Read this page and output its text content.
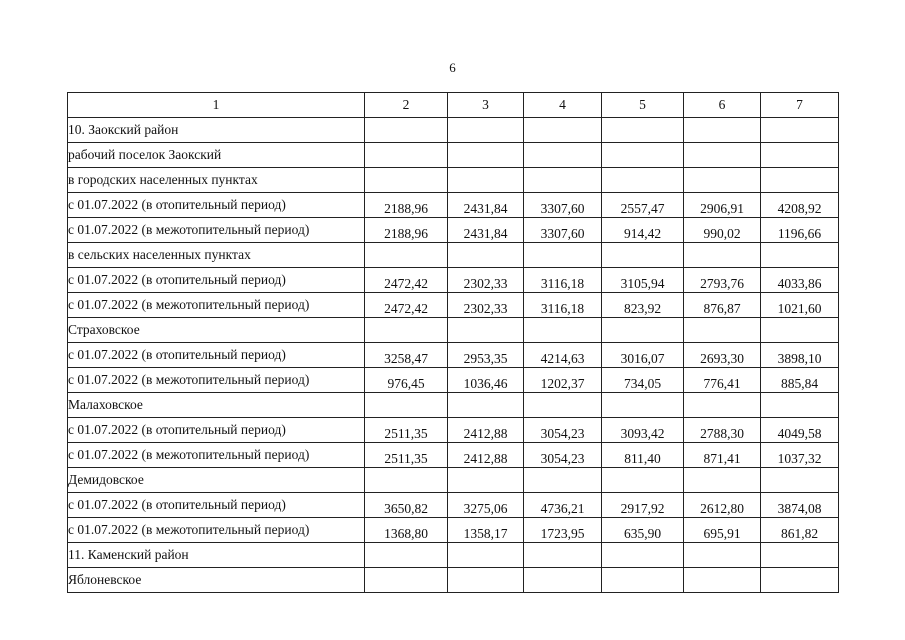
6
1	2	3	4	5	6	7
10. Заокский район						
рабочий поселок Заокский						
в городских населенных пунктах						
с 01.07.2022 (в отопительный период)	2188,96	2431,84	3307,60	2557,47	2906,91	4208,92
с 01.07.2022 (в межотопительный период)	2188,96	2431,84	3307,60	914,42	990,02	1196,66
в сельских населенных пунктах						
с 01.07.2022 (в отопительный период)	2472,42	2302,33	3116,18	3105,94	2793,76	4033,86
с 01.07.2022 (в межотопительный период)	2472,42	2302,33	3116,18	823,92	876,87	1021,60
Страховское						
с 01.07.2022 (в отопительный период)	3258,47	2953,35	4214,63	3016,07	2693,30	3898,10
с 01.07.2022 (в межотопительный период)	976,45	1036,46	1202,37	734,05	776,41	885,84
Малаховское						
с 01.07.2022 (в отопительный период)	2511,35	2412,88	3054,23	3093,42	2788,30	4049,58
с 01.07.2022 (в межотопительный период)	2511,35	2412,88	3054,23	811,40	871,41	1037,32
Демидовское						
с 01.07.2022 (в отопительный период)	3650,82	3275,06	4736,21	2917,92	2612,80	3874,08
с 01.07.2022 (в межотопительный период)	1368,80	1358,17	1723,95	635,90	695,91	861,82
11. Каменский район						
Яблоневское						
